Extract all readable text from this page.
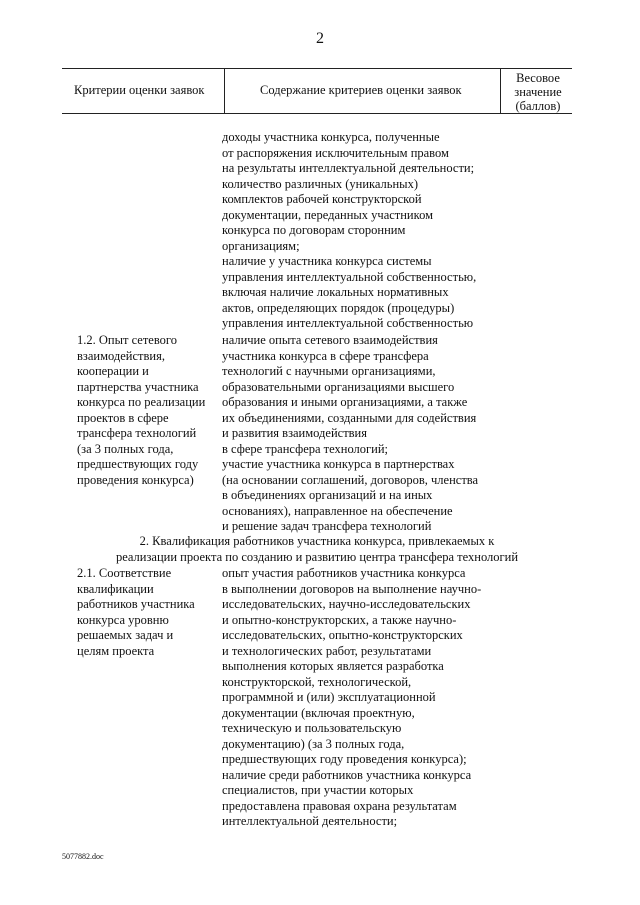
2
Критерии оценки заявок	Содержание критериев оценки заявок
Весовое
значение
(баллов)
доходы участника конкурса, полученные
от распоряжения исключительным правом
на результаты интеллектуальной деятельности;
количество различных (уникальных)
комплектов рабочей конструкторской
документации, переданных участником
конкурса по договорам сторонним
организациям;
наличие у участника конкурса системы
управления интеллектуальной собственностью,
включая наличие локальных нормативных
актов, определяющих порядок (процедуры)
управления интеллектуальной собственностью
1.2. Опыт сетевого
взаимодействия,
кооперации и
партнерства участника
конкурса по реализации
проектов в сфере
трансфера технологий
(за 3 полных года,
предшествующих году
проведения конкурса)
наличие опыта сетевого взаимодействия
участника конкурса в сфере трансфера
технологий с научными организациями,
образовательными организациями высшего
образования и иными организациями, а также
их объединениями, созданными для содействия
и развития взаимодействия
в сфере трансфера технологий;
участие участника конкурса в партнерствах
(на основании соглашений, договоров, членства
в объединениях организаций и на иных
основаниях), направленное на обеспечение
и решение задач трансфера технологий
2. Квалификация работников участника конкурса, привлекаемых к
реализации проекта по созданию и развитию центра трансфера технологий
2.1. Соответствие
квалификации
работников участника
конкурса уровню
решаемых задач и
целям проекта
опыт участия работников участника конкурса
в выполнении договоров на выполнение научно-
исследовательских, научно-исследовательских
и опытно-конструкторских, а также научно-
исследовательских, опытно-конструкторских
и технологических работ, результатами
выполнения которых является разработка
конструкторской, технологической,
программной и (или) эксплуатационной
документации (включая проектную,
техническую и пользовательскую
документацию) (за 3 полных года,
предшествующих году проведения конкурса);
наличие среди работников участника конкурса
специалистов, при участии которых
предоставлена правовая охрана результатам
интеллектуальной деятельности;
5077882.doc
